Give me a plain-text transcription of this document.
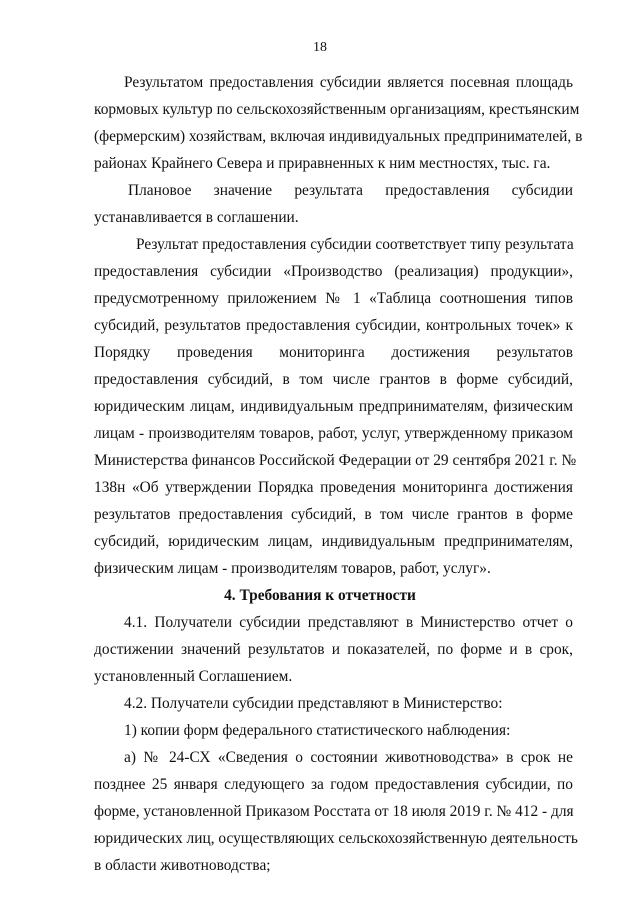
18
Результатом предоставления субсидии является посевная площадь
кормовых культур по сельскохозяйственным организациям, крестьянским
(фермерским) хозяйствам, включая индивидуальных предпринимателей, в
районах Крайнего Севера и приравненных к ним местностях, тыс. га.
Плановое значение результата предоставления субсидии
устанавливается в соглашении.
Результат предоставления субсидии соответствует типу результата
предоставления субсидии «Производство (реализация) продукции»,
предусмотренному приложением № 1 «Таблица соотношения типов
субсидий, результатов предоставления субсидии, контрольных точек» к
Порядку проведения мониторинга достижения результатов
предоставления субсидий, в том числе грантов в форме субсидий,
юридическим лицам, индивидуальным предпринимателям, физическим
лицам - производителям товаров, работ, услуг, утвержденному приказом
Министерства финансов Российской Федерации от 29 сентября 2021 г. №
138н «Об утверждении Порядка проведения мониторинга достижения
результатов предоставления субсидий, в том числе грантов в форме
субсидий, юридическим лицам, индивидуальным предпринимателям,
физическим лицам - производителям товаров, работ, услуг».
4. Требования к отчетности
4.1. Получатели субсидии представляют в Министерство отчет о
достижении значений результатов и показателей, по форме и в срок,
установленный Соглашением.
4.2. Получатели субсидии представляют в Министерство:
1) копии форм федерального статистического наблюдения:
а) № 24-СХ «Сведения о состоянии животноводства» в срок не
позднее 25 января следующего за годом предоставления субсидии, по
форме, установленной Приказом Росстата от 18 июля 2019 г. № 412 - для
юридических лиц, осуществляющих сельскохозяйственную деятельность
в области животноводства;
